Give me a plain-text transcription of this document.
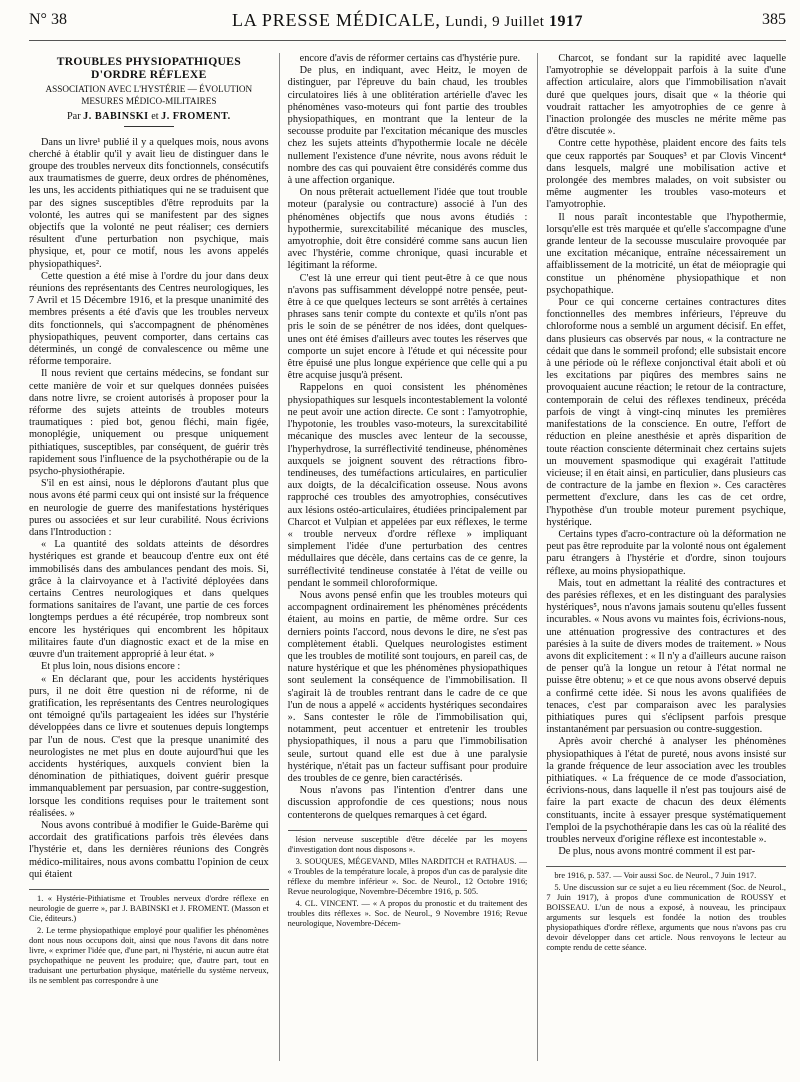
N° 38	LA PRESSE MÉDICALE, Lundi, 9 Juillet 1917	385
TROUBLES PHYSIOPATHIQUES D'ORDRE RÉFLEXE
ASSOCIATION AVEC L'HYSTÉRIE — ÉVOLUTION
MESURES MÉDICO-MILITAIRES
Par J. BABINSKI et J. FROMENT.

Dans un livre¹ publié il y a quelques mois, nous avons cherché à établir qu'il y avait lieu de distinguer dans le groupe des troubles nerveux dits fonctionnels, consécutifs aux traumatismes de guerre, deux ordres de phénomènes, les uns, les accidents pithiatiques qui ne se traduisent que par des signes susceptibles d'être reproduits par la volonté, les autres qui se manifestent par des signes objectifs que la volonté ne peut réaliser; ces derniers résultent d'une perturbation non psychique, mais physique, et, pour ce motif, nous les avons appelés physiopathiques².

Cette question a été mise à l'ordre du jour dans deux réunions des représentants des Centres neurologiques, les 7 Avril et 15 Décembre 1916, et la presque unanimité des membres présents a été d'avis que les troubles nerveux dits fonctionnels, qui s'accompagnent de phénomènes physiopathiques, peuvent comporter, dans certains cas déterminés, un congé de convalescence ou même une réforme temporaire.

Il nous revient que certains médecins, se fondant sur cette manière de voir et sur quelques données puisées dans notre livre, se croient autorisés à proposer pour la réforme des sujets atteints de troubles moteurs traumatiques : pied bot, genou fléchi, main figée, monoplégie, uniquement ou presque uniquement pithiatiques, susceptibles, par conséquent, de guérir très rapidement sous l'influence de la psychothérapie ou de la psycho-physiothérapie.

S'il en est ainsi, nous le déplorons d'autant plus que nous avons été parmi ceux qui ont insisté sur la fréquence en neurologie de guerre des manifestations hystériques pures ou associées et sur leur curabilité. Nous écrivions dans l'Introduction :

« La quantité des soldats atteints de désordres hystériques est grande et beaucoup d'entre eux ont été immobilisés dans des ambulances pendant des mois. Si, grâce à la clairvoyance et à l'activité déployées dans certains Centres neurologiques et dans quelques formations sanitaires de l'avant, une partie de ces forces longtemps perdues a été récupérée, trop nombreux sont encore les hystériques qui encombrent les hôpitaux militaires faute d'un diagnostic exact et de la mise en œuvre d'un traitement approprié à leur état. »

Et plus loin, nous disions encore :

« En déclarant que, pour les accidents hystériques purs, il ne doit être question ni de réforme, ni de gratification, les représentants des Centres neurologiques ont témoigné qu'ils partageaient les idées sur l'hystérie développées dans ce livre et soutenues depuis longtemps par l'un de nous. C'est que la presque unanimité des neurologistes ne met plus en doute aujourd'hui que les accidents hystériques, auxquels convient bien la dénomination de pithiatiques, doivent guérir presque immanquablement par persuasion, par contre-suggestion, lorsque les conditions requises pour le traitement sont réalisées. »

Nous avons contribué à modifier le Guide-Barème qui accordait des gratifications parfois très élevées dans l'hystérie et, dans les dernières réunions des Congrès médico-militaires, nous avons combattu l'opinion de ceux qui étaient

1. « Hystérie-Pithiatisme et Troubles nerveux d'ordre réflexe en neurologie de guerre », par J. BABINSKI et J. FROMENT. (Masson et Cie, éditeurs.)
2. Le terme physiopathique employé pour qualifier les phénomènes dont nous nous occupons doit, ainsi que nous l'avons dit dans notre livre, « exprimer l'idée que, d'une part, ni l'hystérie, ni aucun autre état psychopathique ne peuvent les produire; que, d'autre part, tout en traduisant une perturbation physique, matérielle du système nerveux, ils ne semblent pas correspondre à une

encore d'avis de réformer certains cas d'hystérie pure.

De plus, en indiquant, avec Heitz, le moyen de distinguer, par l'épreuve du bain chaud, les troubles circulatoires liés à une oblitération artérielle d'avec les phénomènes vaso-moteurs qui font partie des troubles physiopathiques, en montrant que la lenteur de la secousse produite par l'excitation mécanique des muscles chez les sujets atteints d'hypothermie locale ne décèle nullement l'existence d'une névrite, nous avons réduit le nombre des cas qui pouvaient être considérés comme dus à une affection organique.

On nous prêterait actuellement l'idée que tout trouble moteur (paralysie ou contracture) associé à l'un des phénomènes objectifs que nous avons étudiés : hypothermie, surexcitabilité mécanique des muscles, amyotrophie, doit être considéré comme sans aucun lien avec l'hystérie, comme chronique, quasi incurable et légitimant la réforme.

C'est là une erreur qui tient peut-être à ce que nous n'avons pas suffisamment développé notre pensée, peut-être à ce que quelques lecteurs se sont arrêtés à certaines phrases sans tenir compte du contexte et qu'ils n'ont pas pris le soin de se pénétrer de nos idées, dont quelques-unes ont été émises d'ailleurs avec toutes les réserves que comporte un sujet encore à l'étude et qui nécessite pour être épuisé une plus longue expérience que celle qui a pu être acquise jusqu'à présent.

Rappelons en quoi consistent les phénomènes physiopathiques sur lesquels incontestablement la volonté ne peut avoir une action directe. Ce sont : l'amyotrophie, l'hypotonie, les troubles vaso-moteurs, la surexcitabilité mécanique des muscles avec lenteur de la secousse, l'hyperhydrose, la surréflectivité tendineuse, phénomènes auxquels se joignent souvent des rétractions fibro-tendineuses, des tuméfactions articulaires, en particulier aux doigts, de la décalcification osseuse. Nous avons rapproché ces troubles des amyotrophies, consécutives aux lésions ostéo-articulaires, étudiées principalement par Charcot et Vulpian et appelées par eux réflexes, le terme « trouble nerveux d'ordre réflexe » impliquant simplement l'idée d'une perturbation des centres médullaires que décèle, dans certains cas de ce genre, la surréflectivité tendineuse constatée à l'état de veille ou pendant le sommeil chloroformique.

Nous avons pensé enfin que les troubles moteurs qui accompagnent ordinairement les phénomènes précédents étaient, au moins en partie, de même ordre. Sur ces derniers points l'accord, nous devons le dire, ne s'est pas complètement établi. Quelques neurologistes estiment que les troubles de motilité sont toujours, en pareil cas, de nature hystérique et que les phénomènes physiopathiques sont seulement la conséquence de l'immobilisation. Il s'agirait là de troubles rentrant dans le cadre de ce que l'un de nous a appelé « accidents hystériques secondaires ». Sans contester le rôle de l'immobilisation qui, notamment, peut accentuer et entretenir les troubles physiopathiques, il nous a paru que l'immobilisation seule, surtout quand elle est due à une paralysie hystérique, n'était pas un facteur suffisant pour produire des troubles de ce genre, bien caractérisés.

Nous n'avons pas l'intention d'entrer dans une discussion approfondie de ces questions; nous nous contenterons de quelques remarques à cet égard.

lésion nerveuse susceptible d'être décelée par les moyens d'investigation dont nous disposons ».
3. SOUQUES, MÉGEVAND, Mlles NARDITCH et RATHAUS. — « Troubles de la température locale, à propos d'un cas de paralysie dite réflexe du membre inférieur ». Soc. de Neurol., 12 Octobre 1916; Revue neurologique, Novembre-Décembre 1916, p. 505.
4. CL. VINCENT. — « A propos du pronostic et du traitement des troubles dits réflexes ». Soc. de Neurol., 9 Novembre 1916; Revue neurologique, Novembre-Décem-

Charcot, se fondant sur la rapidité avec laquelle l'amyotrophie se développait parfois à la suite d'une affection articulaire, alors que l'immobilisation n'avait duré que quelques jours, disait que « la théorie qui voudrait rattacher les amyotrophies de ce genre à l'inaction prolongée des muscles ne mérite même pas d'être discutée ».

Contre cette hypothèse, plaident encore des faits tels que ceux rapportés par Souques³ et par Clovis Vincent⁴ dans lesquels, malgré une mobilisation active et prolongée des membres malades, on voit subsister ou même augmenter les troubles vaso-moteurs et l'amyotrophie.

Il nous paraît incontestable que l'hypothermie, lorsqu'elle est très marquée et qu'elle s'accompagne d'une grande lenteur de la secousse musculaire provoquée par une excitation mécanique, entraîne nécessairement un affaiblissement de la motricité, un état de méiopragie qui constitue un phénomène physiopathique et non psychopathique.

Pour ce qui concerne certaines contractures dites fonctionnelles des membres inférieurs, l'épreuve du chloroforme nous a semblé un argument décisif. En effet, dans plusieurs cas observés par nous, « la contracture ne cédait que dans le sommeil profond; elle subsistait encore à une période où le réflexe conjonctival était aboli et où les excitations par piqûres des membres sains ne provoquaient aucune réaction; le retour de la contracture, contemporain de celui des réflexes tendineux, précéda parfois de vingt à vingt-cinq minutes les premières manifestations de la conscience. En outre, l'effort de réduction en pleine anesthésie et après disparition de toute réaction consciente déterminait chez certains sujets un mouvement spasmodique qui exagérait l'attitude vicieuse; il en était ainsi, en particulier, dans plusieurs cas de contracture de la jambe en flexion ». Ces caractères permettent d'exclure, dans les cas de cet ordre, l'hypothèse d'un trouble moteur purement psychique, hystérique.

Certains types d'acro-contracture où la déformation ne peut pas être reproduite par la volonté nous ont également paru étrangers à l'hystérie et d'ordre, sinon toujours réflexe, au moins physiopathique.

Mais, tout en admettant la réalité des contractures et des parésies réflexes, et en les distinguant des paralysies hystériques⁵, nous n'avons jamais soutenu qu'elles fussent incurables. « Nous avons vu maintes fois, écrivions-nous, une atténuation progressive des contractures et des parésies à la suite de divers modes de traitement. » Nous avons dit explicitement : « Il n'y a d'ailleurs aucune raison de penser qu'à la longue un retour à l'état normal ne puisse être obtenu; » et ce que nous avons observé depuis a confirmé cette idée. Si nous les avons qualifiées de tenaces, c'est par comparaison avec les paralysies pithiatiques pures qui s'éclipsent parfois presque instantanément par persuasion ou contre-suggestion.

Après avoir cherché à analyser les phénomènes physiopathiques à l'état de pureté, nous avons insisté sur la grande fréquence de leur association avec les troubles pithiatiques. « La fréquence de ce mode d'association, écrivions-nous, dans laquelle il n'est pas toujours aisé de faire la part exacte de chacun des deux éléments constituants, incite à essayer presque systématiquement l'emploi de la psychothérapie dans les cas où la réalité des troubles nerveux d'origine réflexe est incontestable ».

De plus, nous avons montré comment il est par-

bre 1916, p. 537. — Voir aussi Soc. de Neurol., 7 Juin 1917.
5. Une discussion sur ce sujet a eu lieu récemment (Soc. de Neurol., 7 Juin 1917), à propos d'une communication de ROUSSY et BOISSEAU. L'un de nous a exposé, à nouveau, les principaux arguments sur lesquels est fondée la notion des troubles physiopathiques d'ordre réflexe, arguments que nous n'avons pas cru devoir développer dans cet article. Nous renvoyons le lecteur au compte rendu de cette séance.
